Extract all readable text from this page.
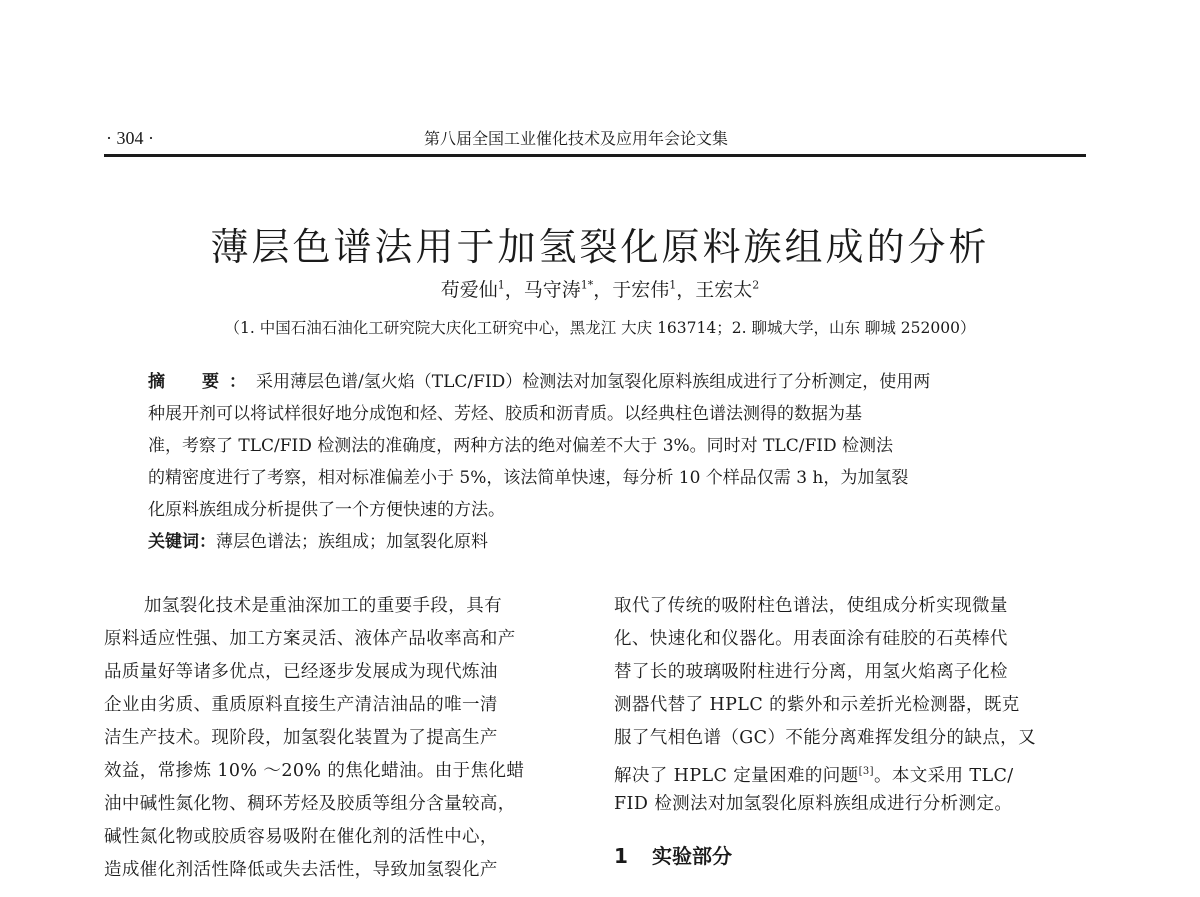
· 304 ·	第八届全国工业催化技术及应用年会论文集
薄层色谱法用于加氢裂化原料族组成的分析
苟爱仙$^1$，马守涛$^{1*}$，于宏伟$^1$，王宏太$^2$
（1. 中国石油石油化工研究院大庆化工研究中心，黑龙江 大庆 163714；2. 聊城大学，山东 聊城 252000）
摘　要：采用薄层色谱/氢火焰（TLC/FID）检测法对加氢裂化原料族组成进行了分析测定，使用两
种展开剂可以将试样很好地分成饱和烃、芳烃、胶质和沥青质。以经典柱色谱法测得的数据为基
准，考察了 TLC/FID 检测法的准确度，两种方法的绝对偏差不大于 3%。同时对 TLC/FID 检测法
的精密度进行了考察，相对标准偏差小于 5%，该法简单快速，每分析 10 个样品仅需 3 h，为加氢裂
化原料族组成分析提供了一个方便快速的方法。
关键词：薄层色谱法；族组成；加氢裂化原料
加氢裂化技术是重油深加工的重要手段，具有
原料适应性强、加工方案灵活、液体产品收率高和产
品质量好等诸多优点，已经逐步发展成为现代炼油
企业由劣质、重质原料直接生产清洁油品的唯一清
洁生产技术。现阶段，加氢裂化装置为了提高生产
效益，常掺炼 10% ～20% 的焦化蜡油。由于焦化蜡
油中碱性氮化物、稠环芳烃及胶质等组分含量较高，
碱性氮化物或胶质容易吸附在催化剂的活性中心，
造成催化剂活性降低或失去活性，导致加氢裂化产
取代了传统的吸附柱色谱法，使组成分析实现微量
化、快速化和仪器化。用表面涂有硅胶的石英棒代
替了长的玻璃吸附柱进行分离，用氢火焰离子化检
测器代替了 HPLC 的紫外和示差折光检测器，既克
服了气相色谱（GC）不能分离难挥发组分的缺点，又
解决了 HPLC 定量困难的问题[3]。本文采用 TLC/
FID 检测法对加氢裂化原料族组成进行分析测定。
1 实验部分
